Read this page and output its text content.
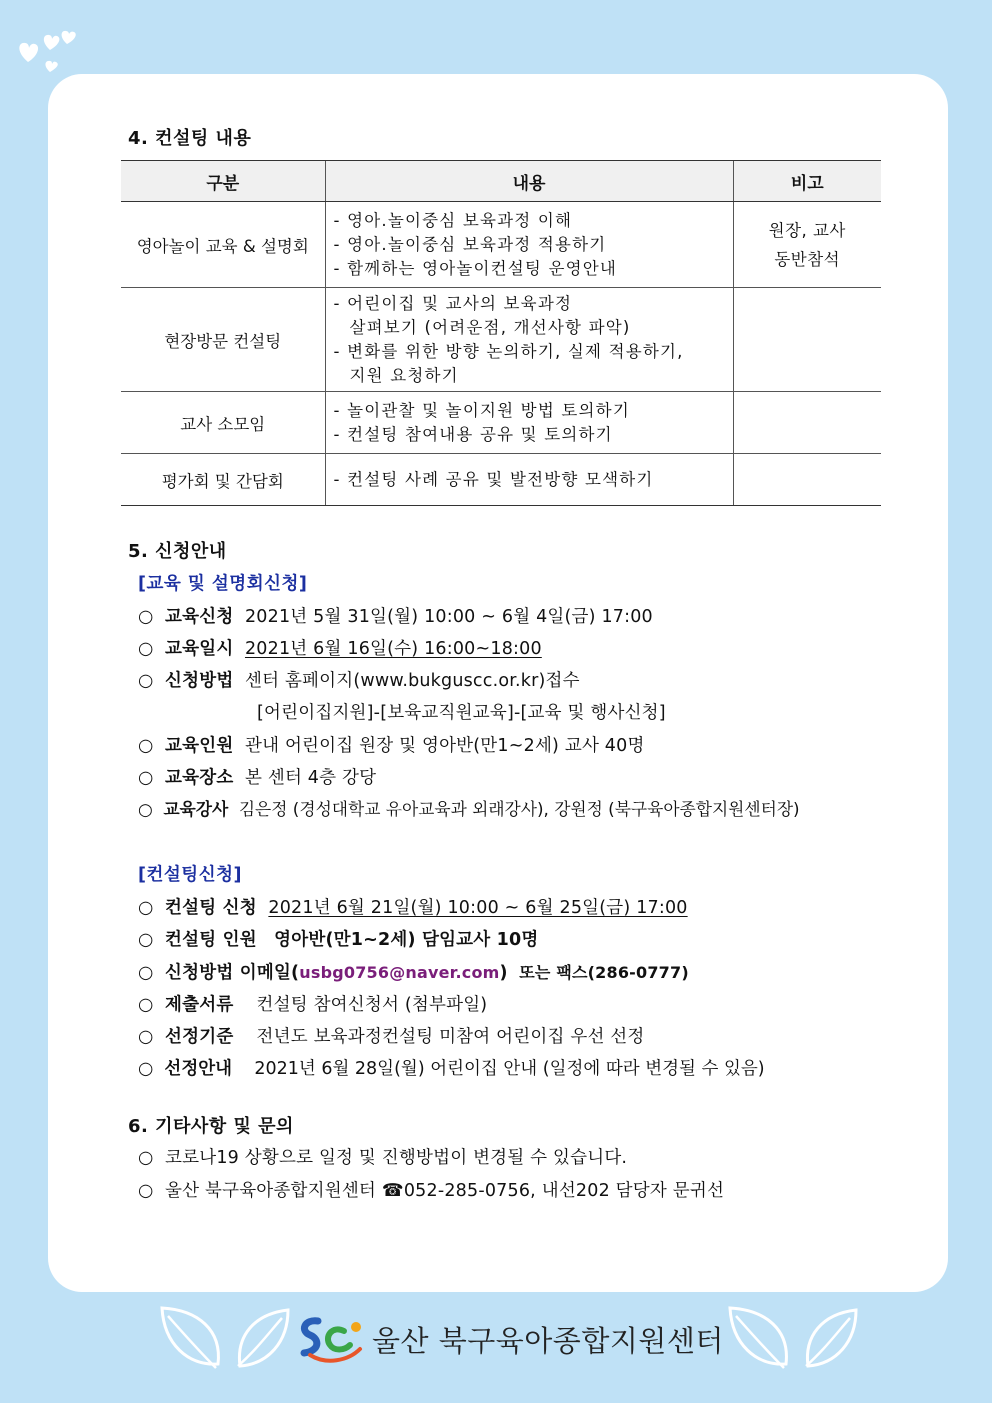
4. 컨설팅 내용
구분	내용	비고
영아놀이 교육 & 설명회	- 영아.놀이중심 보육과정 이해
- 영아.놀이중심 보육과정 적용하기
- 함께하는 영아놀이컨설팅 운영안내	원장, 교사
동반참석

현장방문 컨설팅	- 어린이집 및 교사의 보육과정
살펴보기 (어려운점, 개선사항 파악)
- 변화를 위한 방향 논의하기, 실제 적용하기,
지원 요청하기	

교사 소모임	- 놀이관찰 및 놀이지원 방법 토의하기
- 컨설팅 참여내용 공유 및 토의하기	

평가회 및 간담회	- 컨설팅 사례 공유 및 발전방향 모색하기	

5. 신청안내
[교육 및 설명회신청]
○ 교육신청 2021년 5월 31일(월) 10:00 ~ 6월 4일(금) 17:00
○ 교육일시 2021년 6월 16일(수) 16:00~18:00
○ 신청방법 센터 홈페이지(www.bukguscc.or.kr)접수
[어린이집지원]-[보육교직원교육]-[교육 및 행사신청]
○ 교육인원 관내 어린이집 원장 및 영아반(만1~2세) 교사 40명
○ 교육장소 본 센터 4층 강당
○ 교육강사 김은정 (경성대학교 유아교육과 외래강사), 강원정 (북구육아종합지원센터장)
[컨설팅신청]
○ 컨설팅 신청 2021년 6월 21일(월) 10:00 ~ 6월 25일(금) 17:00
○ 컨설팅 인원 영아반(만1~2세) 담임교사 10명
○ 신청방법 이메일(usbg0756@naver.com) 또는 팩스(286-0777)
○ 제출서류 컨설팅 참여신청서 (첨부파일)
○ 선정기준 전년도 보육과정컨설팅 미참여 어린이집 우선 선정
○ 선정안내 2021년 6월 28일(월) 어린이집 안내 (일정에 따라 변경될 수 있음)
6. 기타사항 및 문의
○ 코로나19 상황으로 일정 및 진행방법이 변경될 수 있습니다.
○ 울산 북구육아종합지원센터 ☎052-285-0756, 내선202 담당자 문귀선
울산 북구육아종합지원센터
